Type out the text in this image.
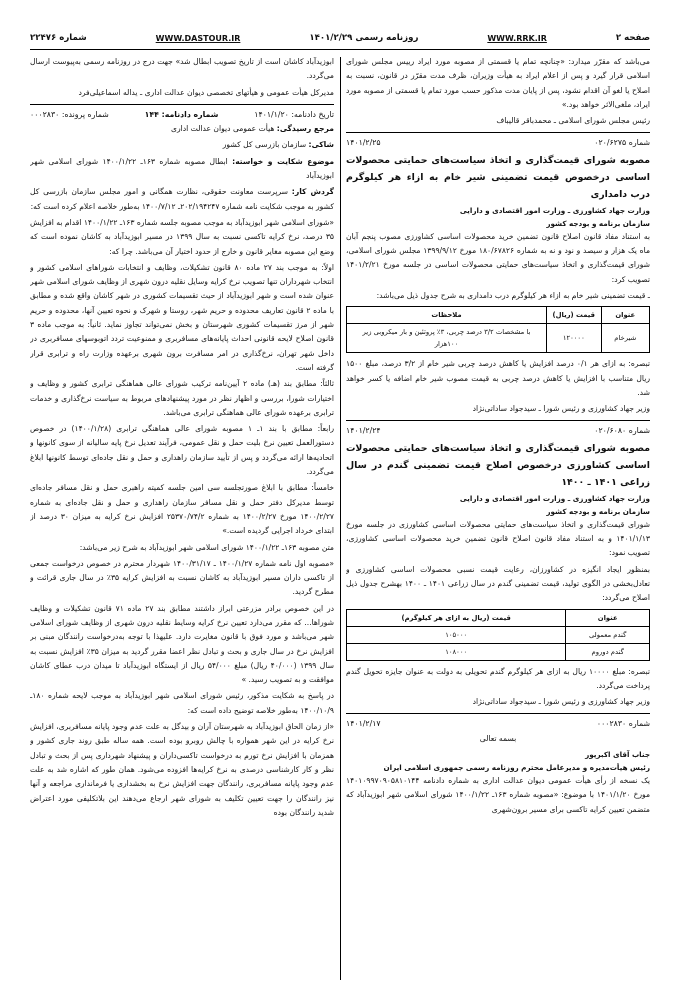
صفحه ۲
WWW.RRK.IR
روزنامه رسمی ۱۴۰۱/۲/۲۹
WWW.DASTOUR.IR
شماره ۲۲۴۷۶

می‌باشد که مقرّر میدارد: «چنانچه تمام یا قسمتی از مصوبه مورد ایراد رییس مجلس شورای اسلامی قرار گیرد و پس از اعلام ایراد به هیأت وزیران، ظرف مدت مقرّر در قانون، نسبت به اصلاح یا لغو آن اقدام نشود، پس از پایان مدت مذکور حسب مورد تمام یا قسمتی از مصوبه مورد ایراد، ملغی‌الاثر خواهد بود.»

رئیس مجلس شورای اسلامی ـ محمدباقر قالیباف

شماره ۰۲۰/۶۲۷۵
۱۴۰۱/۲/۲۵
مصوبه شورای قیمت‌گذاری و اتخاذ سیاست‌های حمایتی محصولات اساسی درخصوص قیمت تضمینی شیر خام به ازاء هر کیلوگرم درب دامداری
وزارت جهاد کشاورزی ـ وزارت امور اقتصادی و دارایی
سازمان برنامه و بودجه کشور

به استناد مفاد قانون اصلاح قانون تضمین خرید محصولات اساسی کشاورزی مصوب پنجم آبان ماه یک هزار و سیصد و نود و نه به شماره ۱۸۰/۶۷۸۲۶ مورخ ۱۳۹۹/۹/۱۲ مجلس شورای اسلامی، شورای قیمت‌گذاری و اتخاذ سیاست‌های حمایتی محصولات اساسی در جلسه مورخ ۱۴۰۱/۲/۲۱ تصویب کرد:

ـ قیمت تضمینی شیر خام به ازاء هر کیلوگرم درب دامداری به شرح جدول ذیل می‌باشد:

عنوان	قیمت (ریال)	ملاحظات
شیرخام	۱۲۰۰۰۰	با مشخصات ۳/۲ درصد چربی، ۳٪ پروتئین و بار میکروبی زیر ۱۰۰هزار

تبصره: به ازای هر ۰/۱ درصد افزایش یا کاهش درصد چربی شیر خام از ۳/۲ درصد، مبلغ ۱۵۰۰ ریال متناسب با افزایش یا کاهش درصد چربی به قیمت مصوب شیر خام اضافه یا کسر خواهد شد.

وزیر جهاد کشاورزی و رئیس شورا ـ سیدجواد ساداتی‌نژاد

شماره ۰۲۰/۶۰۸۰
۱۴۰۱/۲/۲۴
مصوبه شورای قیمت‌گذاری و اتخاذ سیاست‌های حمایتی محصولات اساسی کشاورزی درخصوص اصلاح قیمت تضمینی گندم در سال زراعی ۱۴۰۱ ـ ۱۴۰۰
وزارت جهاد کشاورزی ـ وزارت امور اقتصادی و دارایی
سازمان برنامه و بودجه کشور

شورای قیمت‌گذاری و اتخاذ سیاست‌های حمایتی محصولات اساسی کشاورزی در جلسه مورخ ۱۴۰۱/۱/۱۳ و به استناد مفاد قانون اصلاح قانون تضمین خرید محصولات اساسی کشاورزی، تصویب نمود:

بمنظور ایجاد انگیزه در کشاورزان، رعایت قیمت نسبی محصولات اساسی کشاورزی و تعادل‌بخشی در الگوی تولید، قیمت تضمینی گندم در سال زراعی ۱۴۰۱ ـ ۱۴۰۰ بهشرح جدول ذیل اصلاح می‌گردد:

عنوان	قیمت (ریال به ازای هر کیلوگرم)
گندم معمولی	۱۰۵۰۰۰
گندم دوروم	۱۰۸۰۰۰

تبصره: مبلغ ۱۰۰۰۰ ریال به ازای هر کیلوگرم گندم تحویلی به دولت به عنوان جایزه تحویل گندم پرداخت می‌گردد.

وزیر جهاد کشاورزی و رئیس شورا ـ سیدجواد ساداتی‌نژاد

شماره ۰۰۰۲۸۳۰
۱۴۰۱/۲/۱۷

بسمه تعالی

جناب آقای اکبرپور
رئیس هیأت‌مدیره و مدیرعامل محترم روزنامه رسمی جمهوری اسلامی ایران

یک نسخه از رأی هیأت عمومی دیوان عدالت اداری به شماره دادنامه ۱۴۰۱۰۹۹۷۰۹۰۵۸۱۰۱۴۴ مورخ ۱۴۰۱/۱/۲۰ با موضوع: «مصوبه شماره ۱۶۳ـ ۱۴۰۰/۱/۲۲ شورای اسلامی شهر ابوزیدآباد که متضمن تعیین کرایه تاکسی برای مسیر برون‌شهری

ابوزیدآباد کاشان است از تاریخ تصویب ابطال شد» جهت درج در روزنامه رسمی به‌پیوست ارسال می‌گردد.

مدیرکل هیأت عمومی و هیأتهای تخصصی دیوان عدالت اداری ـ یداله اسماعیلی‌فرد

تاریخ دادنامه: ۱۴۰۱/۱/۲۰
شماره دادنامه: ۱۴۴
شماره پرونده: ۰۰۰۲۸۳۰

مرجع رسیدگی: هیأت عمومی دیوان عدالت اداری

شاکی: سازمان بازرسی کل کشور

موضوع شکایت و خواسته: ابطال مصوبه شماره ۱۶۳ـ ۱۴۰۰/۱/۲۲ شورای اسلامی شهر ابوزیدآباد

گردش کار: سرپرست معاونت حقوقی، نظارت همگانی و امور مجلس سازمان بازرسی کل کشور به موجب شکایت نامه شماره ۲۰۲/۱۹۴۲۴۷ـ ۱۴۰۰/۷/۱۲ به‌طور خلاصه اعلام کرده است که:

«شورای اسلامی شهر ابوزیدآباد به موجب مصوبه جلسه شماره ۱۶۳ـ ۱۴۰۰/۱/۲۲ اقدام به افزایش ۳۵ درصد، نرخ کرایه تاکسی نسبت به سال ۱۳۹۹ در مسیر ابوزیدآباد به کاشان نموده است که وضع این مصوبه مغایر قانون و خارج از حدود اختیار آن می‌باشد. چرا که:

اولاً: به موجب بند ۲۷ ماده ۸۰ قانون تشکیلات، وظایف و انتخابات شوراهای اسلامی کشور و انتخاب شهرداران تنها تصویب نرخ کرایه وسایل نقلیه درون شهری از وظایف شورای اسلامی شهر عنوان شده است و شهر ابوزیدآباد از حیث تقسیمات کشوری در شهر کاشان واقع شده و مطابق با ماده ۲ قانون تعاریف محدوده و حریم شهر، روستا و شهرک و نحوه تعیین آنها، محدوده و حریم شهر از مرز تقسیمات کشوری شهرستان و بخش نمی‌تواند تجاوز نماید. ثانیاً: به موجب ماده ۳ قانون اصلاح لایحه قانونی احداث پایانه‌های مسافربری و ممنوعیت تردد اتوبوسهای مسافربری در داخل شهر تهران، نرخ‌گذاری در امر مسافرت برون شهری برعهده وزارت راه و ترابری قرار گرفته است.

ثالثاً: مطابق بند (هـ) ماده ۲ آیین‌نامه ترکیب شورای عالی هماهنگی ترابری کشور و وظایف و اختیارات شورا، بررسی و اظهار نظر در مورد پیشنهادهای مربوط به سیاست نرخ‌گذاری و خدمات ترابری برعهده شورای عالی هماهنگی ترابری می‌باشد.

رابعاً: مطابق با بند ۱ـ ۱ مصوبه شورای عالی هماهنگی ترابری (۱۴۰۰/۱/۲۸) در خصوص دستورالعمل تعیین نرخ بلیت حمل و نقل عمومی، فرآیند تعدیل نرخ پایه سالیانه از سوی کانونها و اتحادیه‌ها ارائه می‌گردد و پس از تأیید سازمان راهداری و حمل و نقل جاده‌ای توسط کانونها ابلاغ می‌گردد.

خامساً: مطابق با ابلاغ صورتجلسه سی امین جلسه کمیته راهبری حمل و نقل مسافر جاده‌ای توسط مدیرکل دفتر حمل و نقل مسافر سازمان راهداری و حمل و نقل جاده‌ای به شماره ۱۴۰۰/۲/۲۷ مورخ ۱۴۰۰/۲/۲۷ به شماره ۲۵۳۷۰/۷۴/۲ افزایش نرخ کرایه به میزان ۳۰ درصد از ابتدای خرداد اجرایی گردیده است.»

متن مصوبه ۱۶۳ـ ۱۴۰۰/۱/۲۲ شورای اسلامی شهر ابوزیدآباد به شرح زیر می‌باشد:

«مصوبه اول نامه شماره ۱۴۰۰/۱/۲۷ ـ ۱۴۰۰/۳۱/۱۷ شهردار محترم در خصوص درخواست جمعی از تاکسی داران مسیر ابوزیدآباد به کاشان نسبت به افزایش کرایه ۳۵٪ در سال جاری قرائت و مطرح گردید.

در این خصوص برادر مزرعتی ابراز داشتند مطابق بند ۲۷ ماده ۷۱ قانون تشکیلات و وظایف شوراها... که مقرر می‌دارد تعیین نرخ کرایه وسایط نقلیه درون شهری از وظایف شورای اسلامی شهر می‌باشد و مورد فوق با قانون مغایرت دارد. علیهذا با توجه به‌درخواست رانندگان مبنی بر افزایش نرخ در سال جاری و بحث و تبادل نظر اعضا مقرر گردید به میزان ۳۵٪ افزایش نسبت به سال ۱۳۹۹ (۴۰/۰۰۰ ریال) مبلغ ۵۴/۰۰۰ ریال از ایستگاه ابوزیدآباد تا میدان درب عطای کاشان موافقت و به تصویب رسید. »

در پاسخ به شکایت مذکور، رئیس شورای اسلامی شهر ابوزیدآباد به موجب لایحه شماره ۱۸۰ـ ۱۴۰۰/۱۰/۹ به‌طور خلاصه توضیح داده است که:

«از زمان الحاق ابوزیدآباد به شهرستان آران و بیدگل به علت عدم وجود پایانه مسافربری، افزایش نرخ کرایه در این شهر همواره با چالش روبرو بوده است. همه ساله طبق روند جاری کشور و همزمان با افزایش نرخ تورم به درخواست تاکسی‌داران و پیشنهاد شهرداری پس از بحث و تبادل نظر و کار کارشناسی درصدی به نرخ کرایه‌ها افزوده می‌شود. همان طور که اشاره شد به علت عدم وجود پایانه مسافربری، رانندگان جهت افزایش نرخ به بخشداری یا فرمانداری مراجعه و آنها نیز رانندگان را جهت تعیین تکلیف به شورای شهر ارجاع می‌دهند این بلاتکلیفی مورد اعتراض شدید رانندگان بوده
